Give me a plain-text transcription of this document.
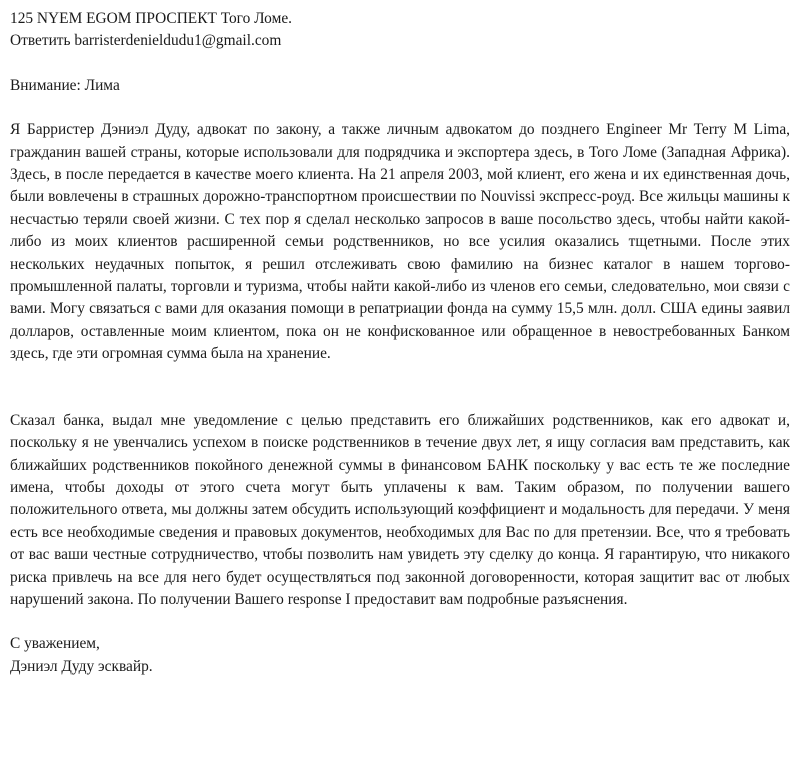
125 NYEM EGOM ПРОСПЕКТ Того Ломе.
Ответить barristerdenieldudu1@gmail.com
Внимание: Лима

Я Барристер Дэниэл Дуду, адвокат по закону, а также личным адвокатом до позднего Engineer Mr Terry M Lima, гражданин вашей страны, которые использовали для подрядчика и экспортера здесь, в Того Ломе (Западная Африка). Здесь, в после передается в качестве моего клиента. На 21 апреля 2003, мой клиент, его жена и их единственная дочь, были вовлечены в страшных дорожно-транспортном происшествии по Nouvissi экспресс-роуд. Все жильцы машины к несчастью теряли своей жизни. С тех пор я сделал несколько запросов в ваше посольство здесь, чтобы найти какой-либо из моих клиентов расширенной семьи родственников, но все усилия оказались тщетными. После этих нескольких неудачных попыток, я решил отслеживать свою фамилию на бизнес каталог в нашем торгово-промышленной палаты, торговли и туризма, чтобы найти какой-либо из членов его семьи, следовательно, мои связи с вами. Могу связаться с вами для оказания помощи в репатриации фонда на сумму 15,5 млн. долл. США едины заявил долларов, оставленные моим клиентом, пока он не конфискованное или обращенное в невостребованных Банком здесь, где эти огромная сумма была на хранение.

Сказал банка, выдал мне уведомление с целью представить его ближайших родственников, как его адвокат и, поскольку я не увенчались успехом в поиске родственников в течение двух лет, я ищу согласия вам представить, как ближайших родственников покойного денежной суммы в финансовом БАНК поскольку у вас есть те же последние имена, чтобы доходы от этого счета могут быть уплачены к вам. Таким образом, по получении вашего положительного ответа, мы должны затем обсудить использующий коэффициент и модальность для передачи. У меня есть все необходимые сведения и правовых документов, необходимых для Вас по для претензии. Все, что я требовать от вас ваши честные сотрудничество, чтобы позволить нам увидеть эту сделку до конца. Я гарантирую, что никакого риска привлечь на все для него будет осуществляться под законной договоренности, которая защитит вас от любых нарушений закона. По получении Вашего response I предоставит вам подробные разъяснения.

С уважением,
Дэниэл Дуду эсквайр.
